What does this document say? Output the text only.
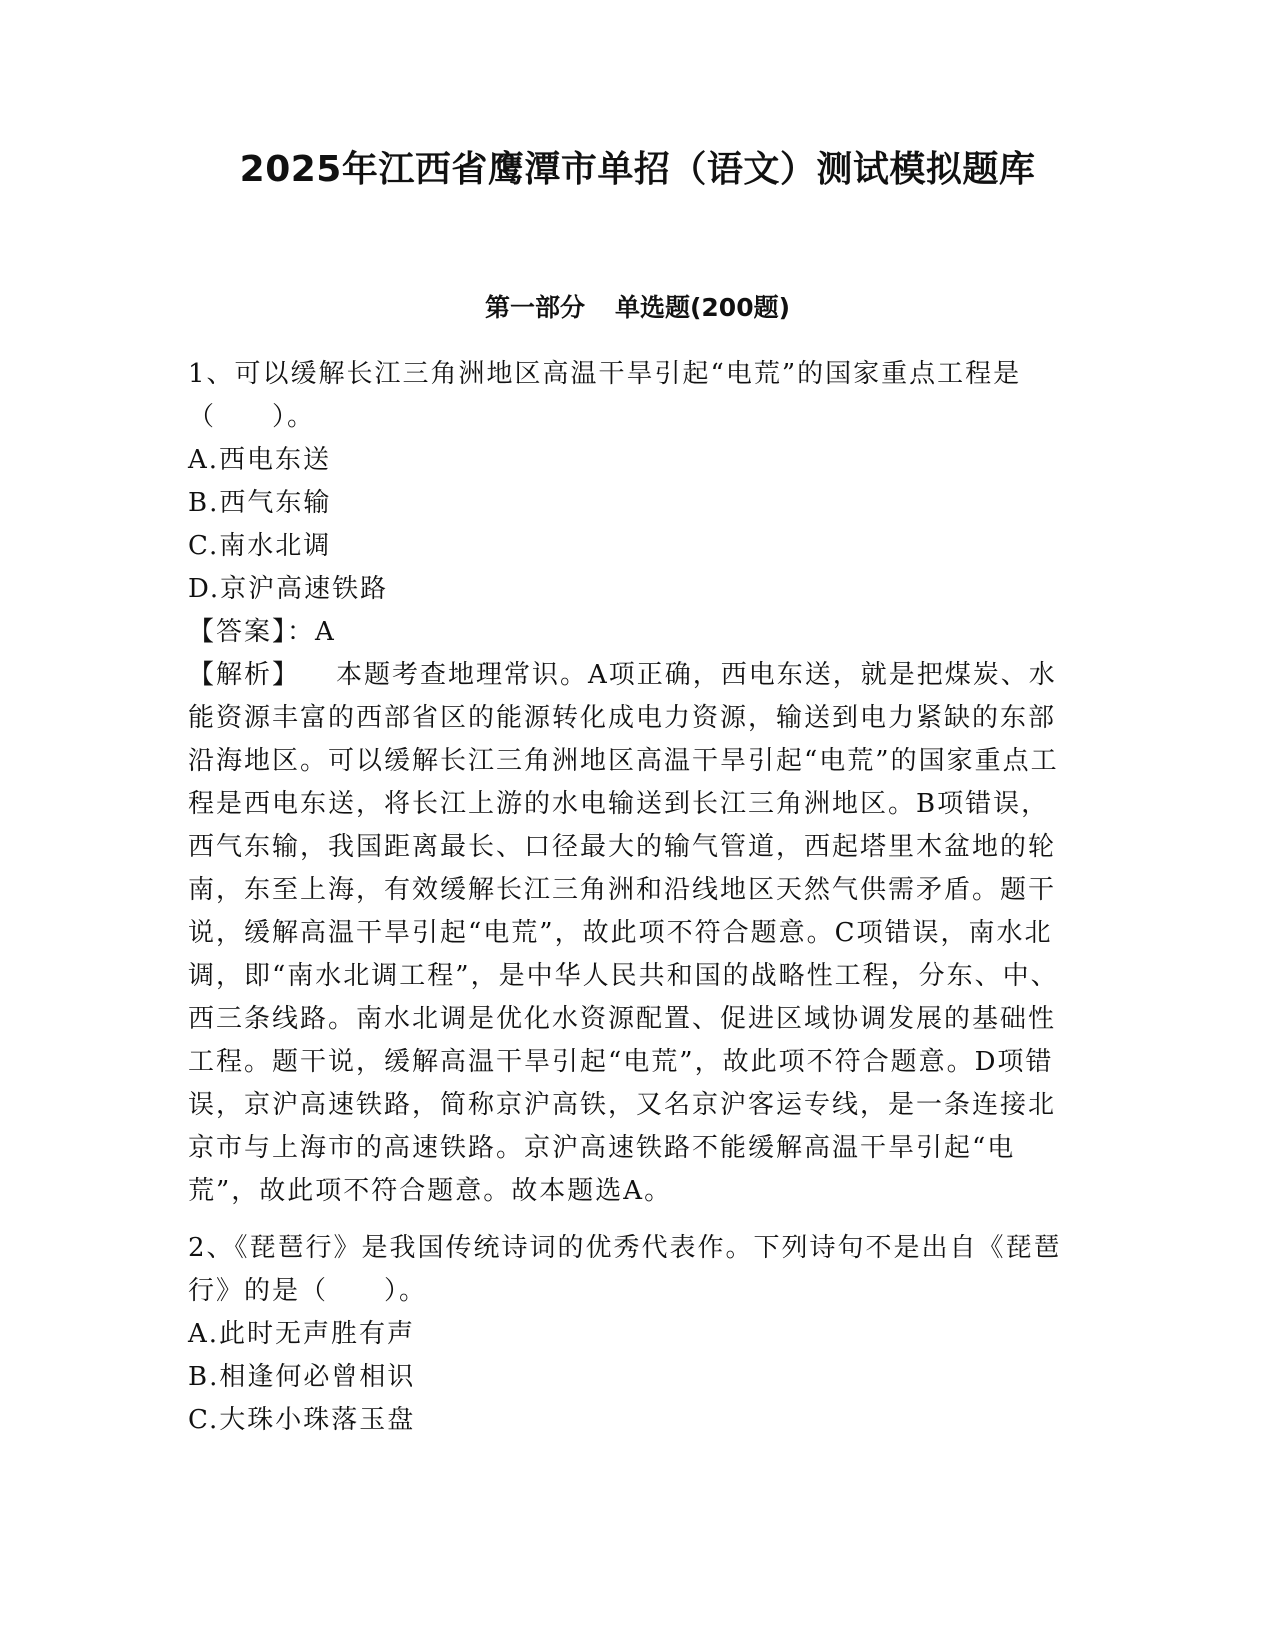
2025年江西省鹰潭市单招（语文）测试模拟题库
第一部分 单选题(200题)

1、可以缓解长江三角洲地区高温干旱引起“电荒”的国家重点工程是（　　）。

A.西电东送

B.西气东输

C.南水北调

D.京沪高速铁路

【答案】：A

【解析】 本题考查地理常识。A项正确，西电东送，就是把煤炭、水能资源丰富的西部省区的能源转化成电力资源，输送到电力紧缺的东部沿海地区。可以缓解长江三角洲地区高温干旱引起“电荒”的国家重点工程是西电东送，将长江上游的水电输送到长江三角洲地区。B项错误，西气东输，我国距离最长、口径最大的输气管道，西起塔里木盆地的轮南，东至上海，有效缓解长江三角洲和沿线地区天然气供需矛盾。题干说，缓解高温干旱引起“电荒”，故此项不符合题意。C项错误，南水北调，即“南水北调工程”，是中华人民共和国的战略性工程，分东、中、西三条线路。南水北调是优化水资源配置、促进区域协调发展的基础性工程。题干说，缓解高温干旱引起“电荒”，故此项不符合题意。D项错误，京沪高速铁路，简称京沪高铁，又名京沪客运专线，是一条连接北京市与上海市的高速铁路。京沪高速铁路不能缓解高温干旱引起“电荒”，故此项不符合题意。故本题选A。

2、《琵琶行》是我国传统诗词的优秀代表作。下列诗句不是出自《琵琶行》的是（　　）。

A.此时无声胜有声

B.相逢何必曾相识

C.大珠小珠落玉盘
